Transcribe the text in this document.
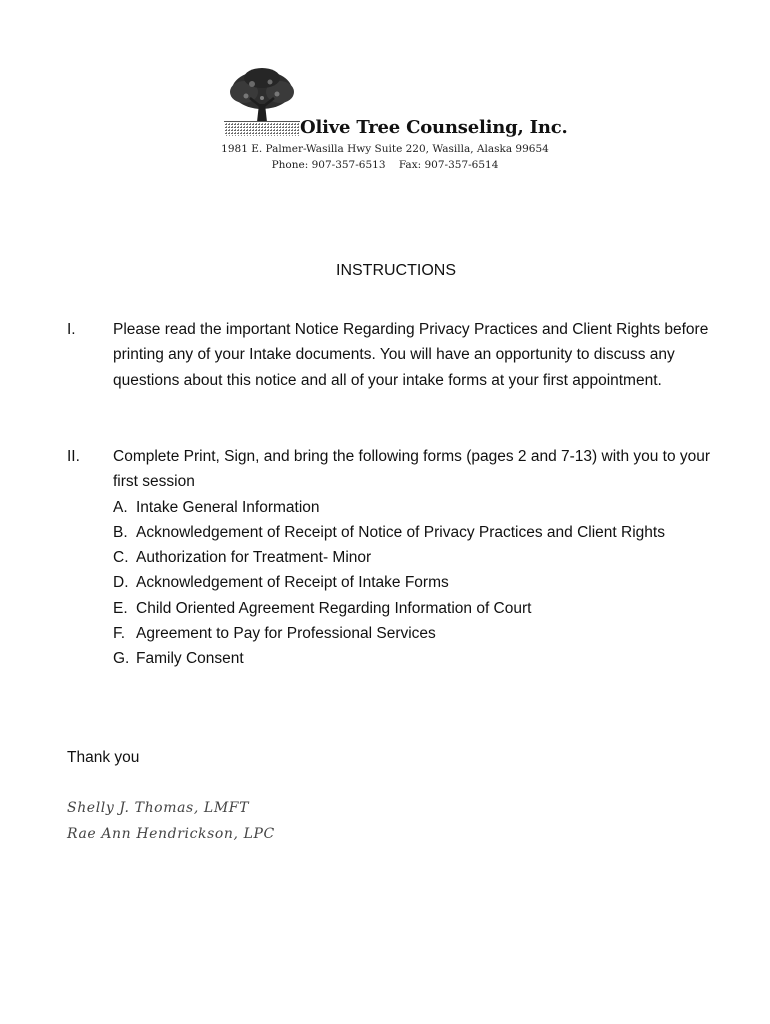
Olive Tree Counseling, Inc.
1981 E. Palmer-Wasilla Hwy Suite 220, Wasilla, Alaska 99654
Phone: 907-357-6513    Fax: 907-357-6514
INSTRUCTIONS
I. Please read the important Notice Regarding Privacy Practices and Client Rights before printing any of your Intake documents. You will have an opportunity to discuss any questions about this notice and all of your intake forms at your first appointment.
II. Complete Print, Sign, and bring the following forms (pages 2 and 7-13) with you to your first session
A. Intake General Information
B. Acknowledgement of Receipt of Notice of Privacy Practices and Client Rights
C. Authorization for Treatment- Minor
D. Acknowledgement of Receipt of Intake Forms
E. Child Oriented Agreement Regarding Information of Court
F. Agreement to Pay for Professional Services
G. Family Consent
Thank you
Shelly J. Thomas, LMFT
Rae Ann Hendrickson, LPC
